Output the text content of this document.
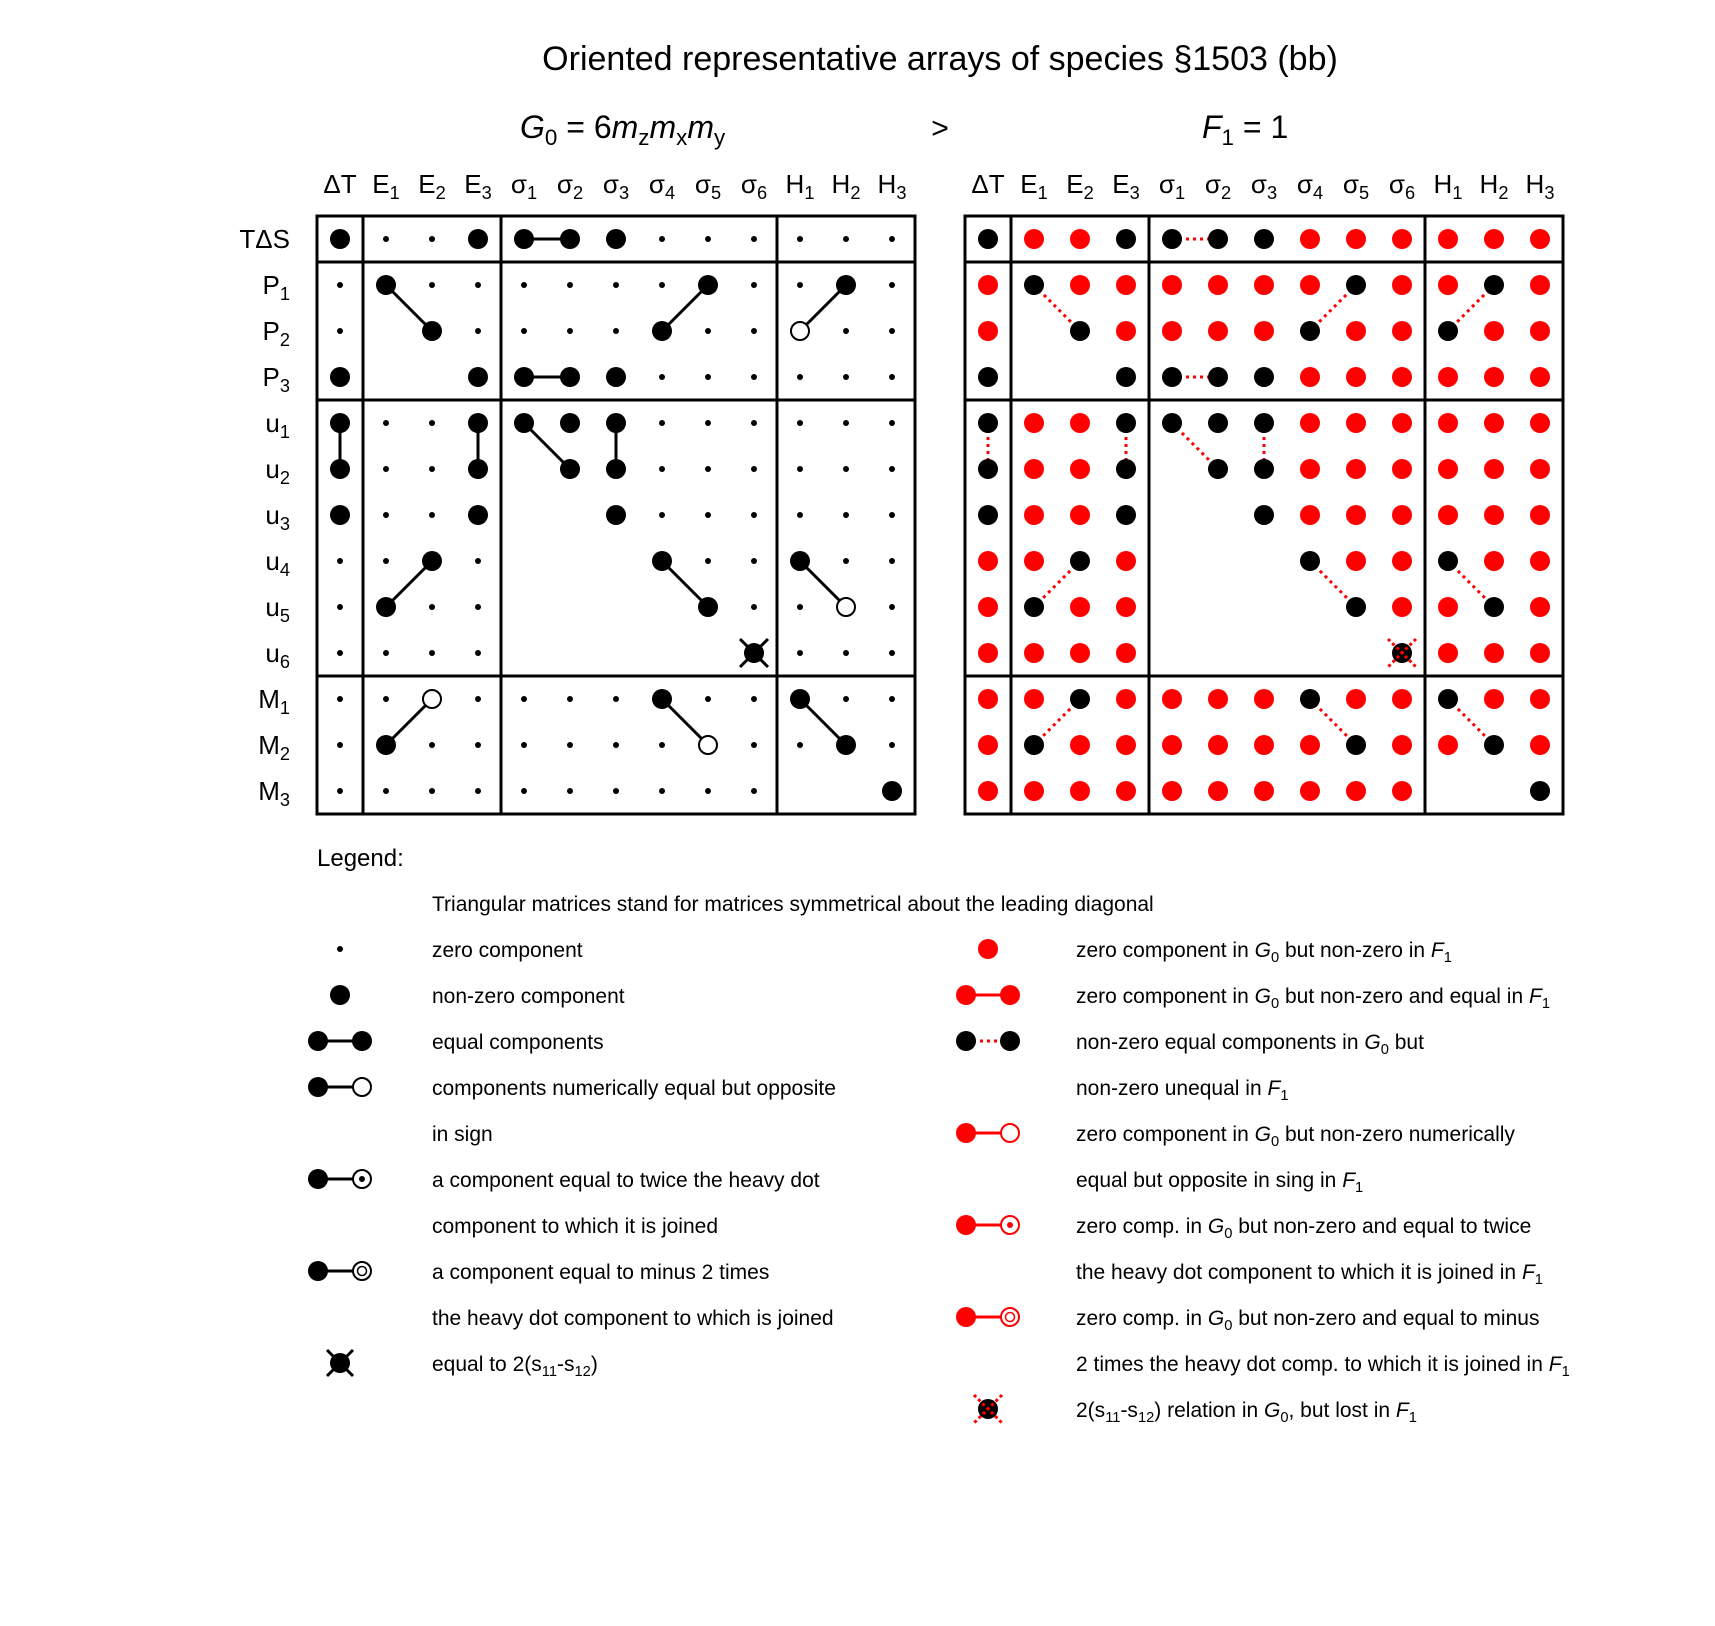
Oriented representative arrays of species §1503 (bb)
G0 = 6mzmxmy	>	F1 = 1
ΔT E1 E2 E3 σ1 σ2 σ3 σ4 σ5 σ6 H1 H2 H3
TΔS
P1
P2
P3
u1
u2
u3
u4
u5
u6
M1
M2
M3
ΔT E1 E2 E3 σ1 σ2 σ3 σ4 σ5 σ6 H1 H2 H3
Legend:
Triangular matrices stand for matrices symmetrical about the leading diagonal
zero component
non-zero component
equal components
components numerically equal but opposite
in sign
a component equal to twice the heavy dot
component to which it is joined
a component equal to minus 2 times
the heavy dot component to which is joined
equal to 2(s11-s12)
zero component in G0 but non-zero in F1
zero component in G0 but non-zero and equal in F1
non-zero equal components in G0 but
non-zero unequal in F1
zero component in G0 but non-zero numerically
equal but opposite in sing in F1
zero comp. in G0 but non-zero and equal to twice
the heavy dot component to which it is joined in F1
zero comp. in G0 but non-zero and equal to minus
2 times the heavy dot comp. to which it is joined in F1
2(s11-s12) relation in G0, but lost in F1
